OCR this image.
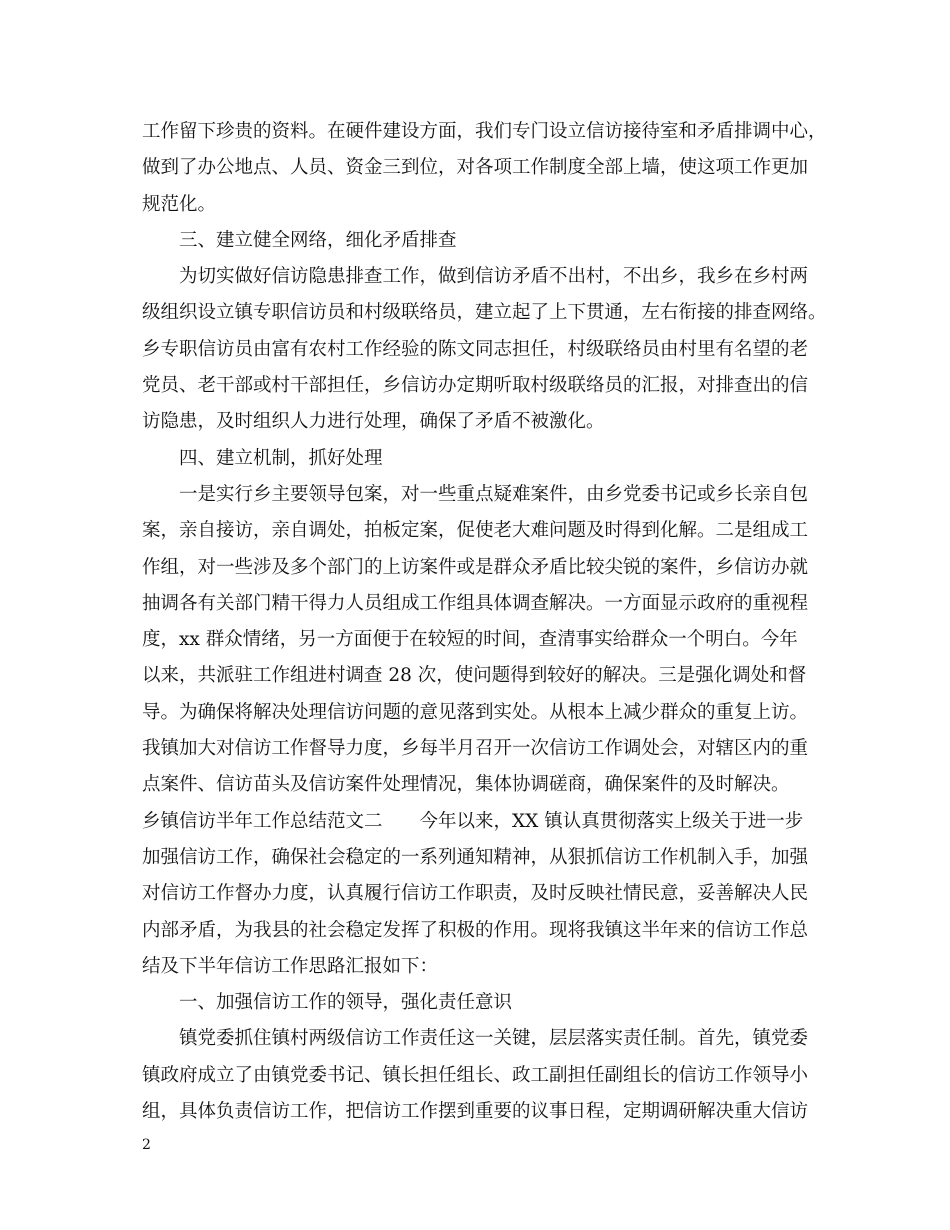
工作留下珍贵的资料。在硬件建设方面，我们专门设立信访接待室和矛盾排调中心，
做到了办公地点、人员、资金三到位，对各项工作制度全部上墙，使这项工作更加
规范化。
三、建立健全网络，细化矛盾排查
为切实做好信访隐患排查工作，做到信访矛盾不出村，不出乡，我乡在乡村两
级组织设立镇专职信访员和村级联络员，建立起了上下贯通，左右衔接的排查网络。
乡专职信访员由富有农村工作经验的陈文同志担任，村级联络员由村里有名望的老
党员、老干部或村干部担任，乡信访办定期听取村级联络员的汇报，对排查出的信
访隐患，及时组织人力进行处理，确保了矛盾不被激化。
四、建立机制，抓好处理
一是实行乡主要领导包案，对一些重点疑难案件，由乡党委书记或乡长亲自包
案，亲自接访，亲自调处，拍板定案，促使老大难问题及时得到化解。二是组成工
作组，对一些涉及多个部门的上访案件或是群众矛盾比较尖锐的案件，乡信访办就
抽调各有关部门精干得力人员组成工作组具体调查解决。一方面显示政府的重视程
度，xx 群众情绪，另一方面便于在较短的时间，查清事实给群众一个明白。今年
以来，共派驻工作组进村调查 28 次，使问题得到较好的解决。三是强化调处和督
导。为确保将解决处理信访问题的意见落到实处。从根本上减少群众的重复上访。
我镇加大对信访工作督导力度，乡每半月召开一次信访工作调处会，对辖区内的重
点案件、信访苗头及信访案件处理情况，集体协调磋商，确保案件的及时解决。
乡镇信访半年工作总结范文二　　今年以来，XX 镇认真贯彻落实上级关于进一步
加强信访工作，确保社会稳定的一系列通知精神，从狠抓信访工作机制入手，加强
对信访工作督办力度，认真履行信访工作职责，及时反映社情民意，妥善解决人民
内部矛盾，为我县的社会稳定发挥了积极的作用。现将我镇这半年来的信访工作总
结及下半年信访工作思路汇报如下：
一、加强信访工作的领导，强化责任意识
镇党委抓住镇村两级信访工作责任这一关键，层层落实责任制。首先，镇党委
镇政府成立了由镇党委书记、镇长担任组长、政工副担任副组长的信访工作领导小
组，具体负责信访工作，把信访工作摆到重要的议事日程，定期调研解决重大信访
2
